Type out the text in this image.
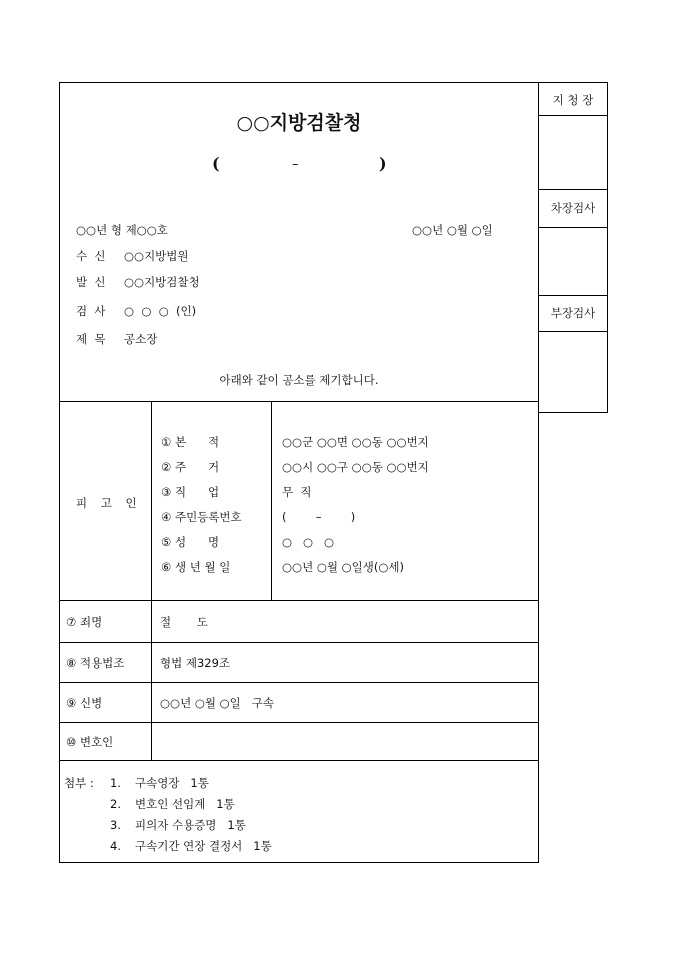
○○지방검찰청
(	–	)
지 청 장
차장검사
부장검사
○○년 형 제○○호	○○년 ○월 ○일
수  신 ○○지방법원
발  신 ○○지방검찰청
검  사 ○  ○  ○  (인)
제  목 공소장
아래와 같이 공소를 제기합니다.
피 고 인
① 본      적	○○군 ○○면 ○○동 ○○번지
② 주      거	○○시 ○○구 ○○동 ○○번지
③ 직      업	무  직
④ 주민등록번호	(        –        )
⑤ 성      명	○   ○   ○
⑥ 생 년 월 일	○○년 ○월 ○일생(○세)
⑦ 죄명	절       도
⑧ 적용법조	형법 제329조
⑨ 신병	○○년 ○월 ○일   구속
⑩ 변호인
첨부 : 1. 구속영장   1통
2. 변호인 선임계   1통
3. 피의자 수용증명   1통
4. 구속기간 연장 결정서   1통
